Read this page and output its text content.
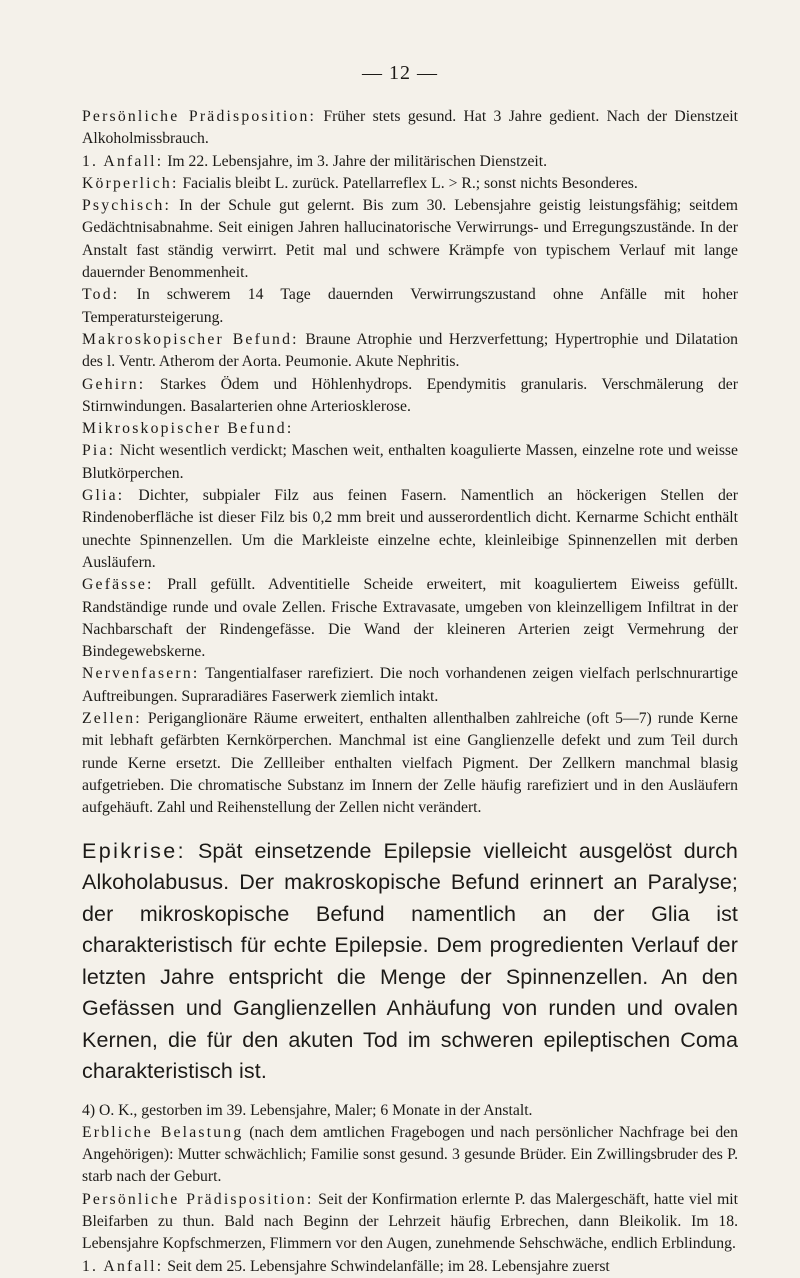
— 12 —

Persönliche Prädisposition: Früher stets gesund. Hat 3 Jahre gedient. Nach der Dienstzeit Alkoholmissbrauch.

1. Anfall: Im 22. Lebensjahre, im 3. Jahre der militärischen Dienstzeit.

Körperlich: Facialis bleibt L. zurück. Patellarreflex L. > R.; sonst nichts Besonderes.

Psychisch: In der Schule gut gelernt. Bis zum 30. Lebensjahre geistig leistungsfähig; seitdem Gedächtnisabnahme. Seit einigen Jahren hallucinatorische Verwirrungs- und Erregungszustände. In der Anstalt fast ständig verwirrt. Petit mal und schwere Krämpfe von typischem Verlauf mit lange dauernder Benommenheit.

Tod: In schwerem 14 Tage dauernden Verwirrungszustand ohne Anfälle mit hoher Temperatursteigerung.

Makroskopischer Befund: Braune Atrophie und Herzverfettung; Hypertrophie und Dilatation des l. Ventr. Atherom der Aorta. Peumonie. Akute Nephritis.

Gehirn: Starkes Ödem und Höhlenhydrops. Ependymitis granularis. Verschmälerung der Stirnwindungen. Basalarterien ohne Arteriosklerose.

Mikroskopischer Befund:

Pia: Nicht wesentlich verdickt; Maschen weit, enthalten koagulierte Massen, einzelne rote und weisse Blutkörperchen.

Glia: Dichter, subpialer Filz aus feinen Fasern. Namentlich an höckerigen Stellen der Rindenoberfläche ist dieser Filz bis 0,2 mm breit und ausserordentlich dicht. Kernarme Schicht enthält unechte Spinnenzellen. Um die Markleiste einzelne echte, kleinleibige Spinnenzellen mit derben Ausläufern.

Gefässe: Prall gefüllt. Adventitielle Scheide erweitert, mit koaguliertem Eiweiss gefüllt. Randständige runde und ovale Zellen. Frische Extravasate, umgeben von kleinzelligem Infiltrat in der Nachbarschaft der Rindengefässe. Die Wand der kleineren Arterien zeigt Vermehrung der Bindegewebskerne.

Nervenfasern: Tangentialfaser rarefiziert. Die noch vorhandenen zeigen vielfach perlschnurartige Auftreibungen. Supraradiäres Faserwerk ziemlich intakt.

Zellen: Periganglionäre Räume erweitert, enthalten allenthalben zahlreiche (oft 5—7) runde Kerne mit lebhaft gefärbten Kernkörperchen. Manchmal ist eine Ganglienzelle defekt und zum Teil durch runde Kerne ersetzt. Die Zellleiber enthalten vielfach Pigment. Der Zellkern manchmal blasig aufgetrieben. Die chromatische Substanz im Innern der Zelle häufig rarefiziert und in den Ausläufern aufgehäuft. Zahl und Reihenstellung der Zellen nicht verändert.

Epikrise: Spät einsetzende Epilepsie vielleicht ausgelöst durch Alkoholabusus. Der makroskopische Befund erinnert an Paralyse; der mikroskopische Befund namentlich an der Glia ist charakteristisch für echte Epilepsie. Dem progredienten Verlauf der letzten Jahre entspricht die Menge der Spinnenzellen. An den Gefässen und Ganglienzellen Anhäufung von runden und ovalen Kernen, die für den akuten Tod im schweren epileptischen Coma charakteristisch ist.

4) O. K., gestorben im 39. Lebensjahre, Maler; 6 Monate in der Anstalt.

Erbliche Belastung (nach dem amtlichen Fragebogen und nach persönlicher Nachfrage bei den Angehörigen): Mutter schwächlich; Familie sonst gesund. 3 gesunde Brüder. Ein Zwillingsbruder des P. starb nach der Geburt.

Persönliche Prädisposition: Seit der Konfirmation erlernte P. das Malergeschäft, hatte viel mit Bleifarben zu thun. Bald nach Beginn der Lehrzeit häufig Erbrechen, dann Bleikolik. Im 18. Lebensjahre Kopfschmerzen, Flimmern vor den Augen, zunehmende Sehschwäche, endlich Erblindung.

1. Anfall: Seit dem 25. Lebensjahre Schwindelanfälle; im 28. Lebensjahre zuerst
